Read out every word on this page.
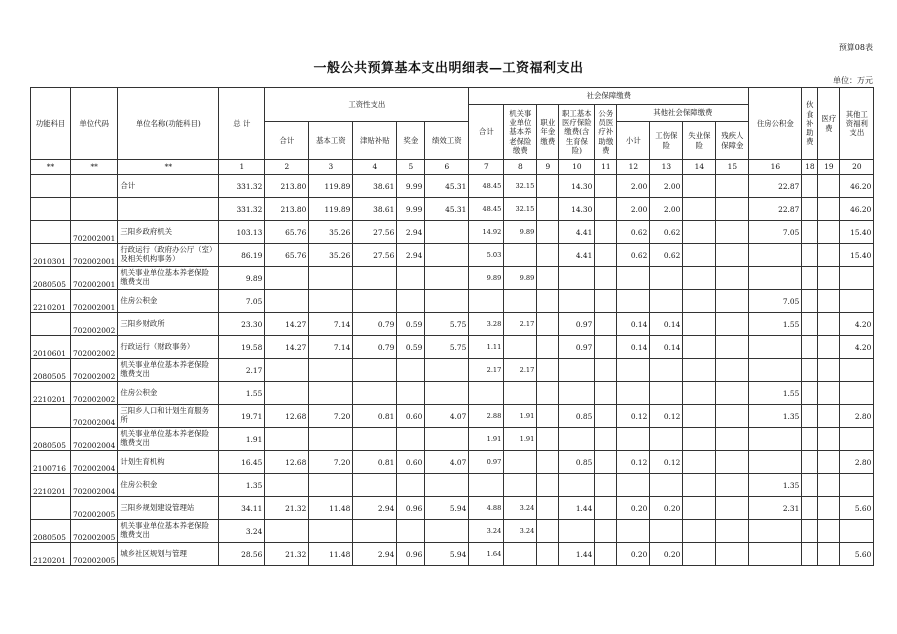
预算08表
一般公共预算基本支出明细表—工资福利支出
单位：万元
功能科目	单位代码	单位名称(功能科目)	总 计	工资性支出					社会保障缴费									住房公积金	伙食补助费	医疗费	其他工资福利支出
									合计	机关事业单位基本养老保险缴费	职业年金缴费	职工基本医疗保险缴费(含生育保险)	公务员医疗补助缴费	其他社会保障缴费							
				合计	基本工资	津贴补贴	奖金	绩效工资						小计	工伤保险	失业保险	残疾人保障金				
**	**	**	1	2	3	4	5	6	7	8	9	10	11	12	13	14	15	16	18	19	20
		合计	331.32	213.80	119.89	38.61	9.99	45.31	48.45	32.15		14.30		2.00	2.00			22.87			46.20
			331.32	213.80	119.89	38.61	9.99	45.31	48.45	32.15		14.30		2.00	2.00			22.87			46.20
	702002001	三阳乡政府机关	103.13	65.76	35.26	27.56	2.94		14.92	9.89		4.41		0.62	0.62			7.05			15.40
2010301	702002001	行政运行（政府办公厅（室）及相关机构事务）	86.19	65.76	35.26	27.56	2.94		5.03			4.41		0.62	0.62						15.40
2080505	702002001	机关事业单位基本养老保险缴费支出	9.89						9.89	9.89											
2210201	702002001	住房公积金	7.05															7.05			
	702002002	三阳乡财政所	23.30	14.27	7.14	0.79	0.59	5.75	3.28	2.17		0.97		0.14	0.14			1.55			4.20
2010601	702002002	行政运行（财政事务）	19.58	14.27	7.14	0.79	0.59	5.75	1.11			0.97		0.14	0.14						4.20
2080505	702002002	机关事业单位基本养老保险缴费支出	2.17						2.17	2.17											
2210201	702002002	住房公积金	1.55															1.55			
	702002004	三阳乡人口和计划生育服务所	19.71	12.68	7.20	0.81	0.60	4.07	2.88	1.91		0.85		0.12	0.12			1.35			2.80
2080505	702002004	机关事业单位基本养老保险缴费支出	1.91						1.91	1.91											
2100716	702002004	计划生育机构	16.45	12.68	7.20	0.81	0.60	4.07	0.97			0.85		0.12	0.12						2.80
2210201	702002004	住房公积金	1.35															1.35			
	702002005	三阳乡规划建设管理站	34.11	21.32	11.48	2.94	0.96	5.94	4.88	3.24		1.44		0.20	0.20			2.31			5.60
2080505	702002005	机关事业单位基本养老保险缴费支出	3.24						3.24	3.24											
2120201	702002005	城乡社区规划与管理	28.56	21.32	11.48	2.94	0.96	5.94	1.64			1.44		0.20	0.20						5.60
